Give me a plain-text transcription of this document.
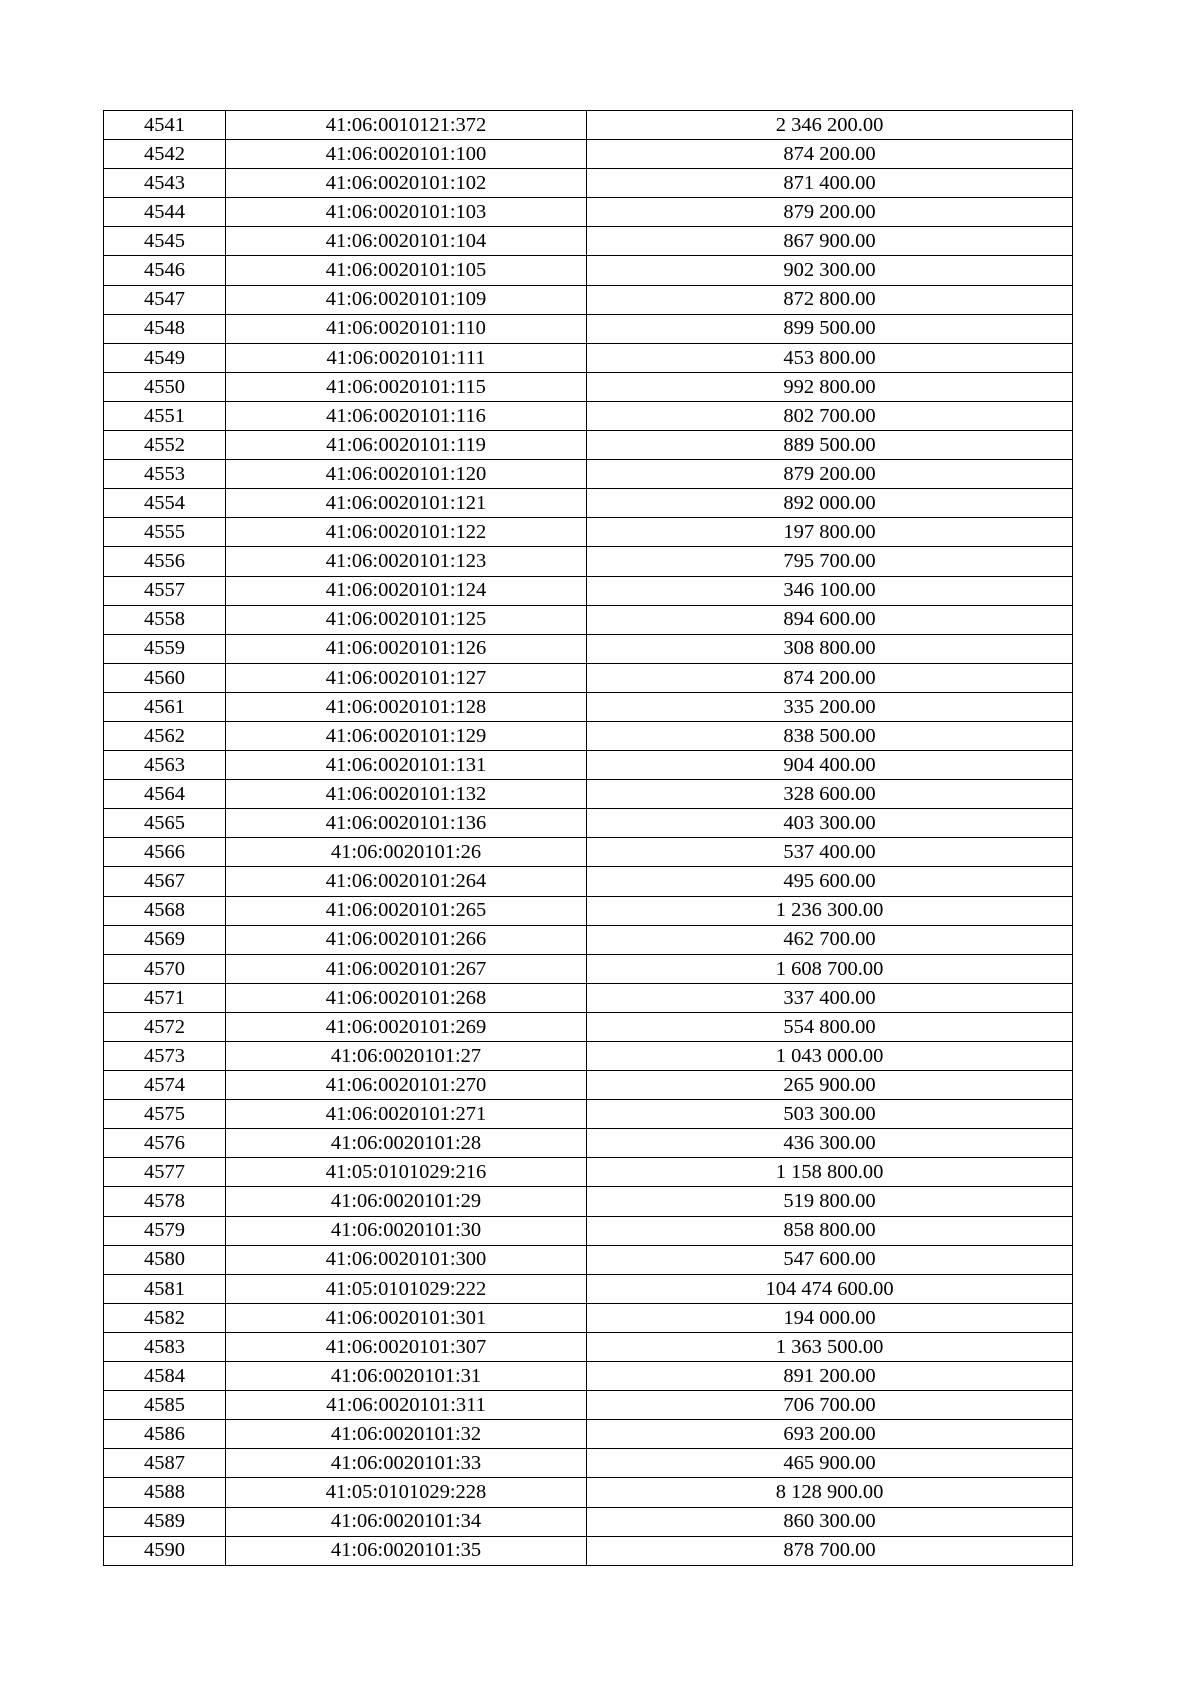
4541	41:06:0010121:372	2 346 200.00
4542	41:06:0020101:100	874 200.00
4543	41:06:0020101:102	871 400.00
4544	41:06:0020101:103	879 200.00
4545	41:06:0020101:104	867 900.00
4546	41:06:0020101:105	902 300.00
4547	41:06:0020101:109	872 800.00
4548	41:06:0020101:110	899 500.00
4549	41:06:0020101:111	453 800.00
4550	41:06:0020101:115	992 800.00
4551	41:06:0020101:116	802 700.00
4552	41:06:0020101:119	889 500.00
4553	41:06:0020101:120	879 200.00
4554	41:06:0020101:121	892 000.00
4555	41:06:0020101:122	197 800.00
4556	41:06:0020101:123	795 700.00
4557	41:06:0020101:124	346 100.00
4558	41:06:0020101:125	894 600.00
4559	41:06:0020101:126	308 800.00
4560	41:06:0020101:127	874 200.00
4561	41:06:0020101:128	335 200.00
4562	41:06:0020101:129	838 500.00
4563	41:06:0020101:131	904 400.00
4564	41:06:0020101:132	328 600.00
4565	41:06:0020101:136	403 300.00
4566	41:06:0020101:26	537 400.00
4567	41:06:0020101:264	495 600.00
4568	41:06:0020101:265	1 236 300.00
4569	41:06:0020101:266	462 700.00
4570	41:06:0020101:267	1 608 700.00
4571	41:06:0020101:268	337 400.00
4572	41:06:0020101:269	554 800.00
4573	41:06:0020101:27	1 043 000.00
4574	41:06:0020101:270	265 900.00
4575	41:06:0020101:271	503 300.00
4576	41:06:0020101:28	436 300.00
4577	41:05:0101029:216	1 158 800.00
4578	41:06:0020101:29	519 800.00
4579	41:06:0020101:30	858 800.00
4580	41:06:0020101:300	547 600.00
4581	41:05:0101029:222	104 474 600.00
4582	41:06:0020101:301	194 000.00
4583	41:06:0020101:307	1 363 500.00
4584	41:06:0020101:31	891 200.00
4585	41:06:0020101:311	706 700.00
4586	41:06:0020101:32	693 200.00
4587	41:06:0020101:33	465 900.00
4588	41:05:0101029:228	8 128 900.00
4589	41:06:0020101:34	860 300.00
4590	41:06:0020101:35	878 700.00
